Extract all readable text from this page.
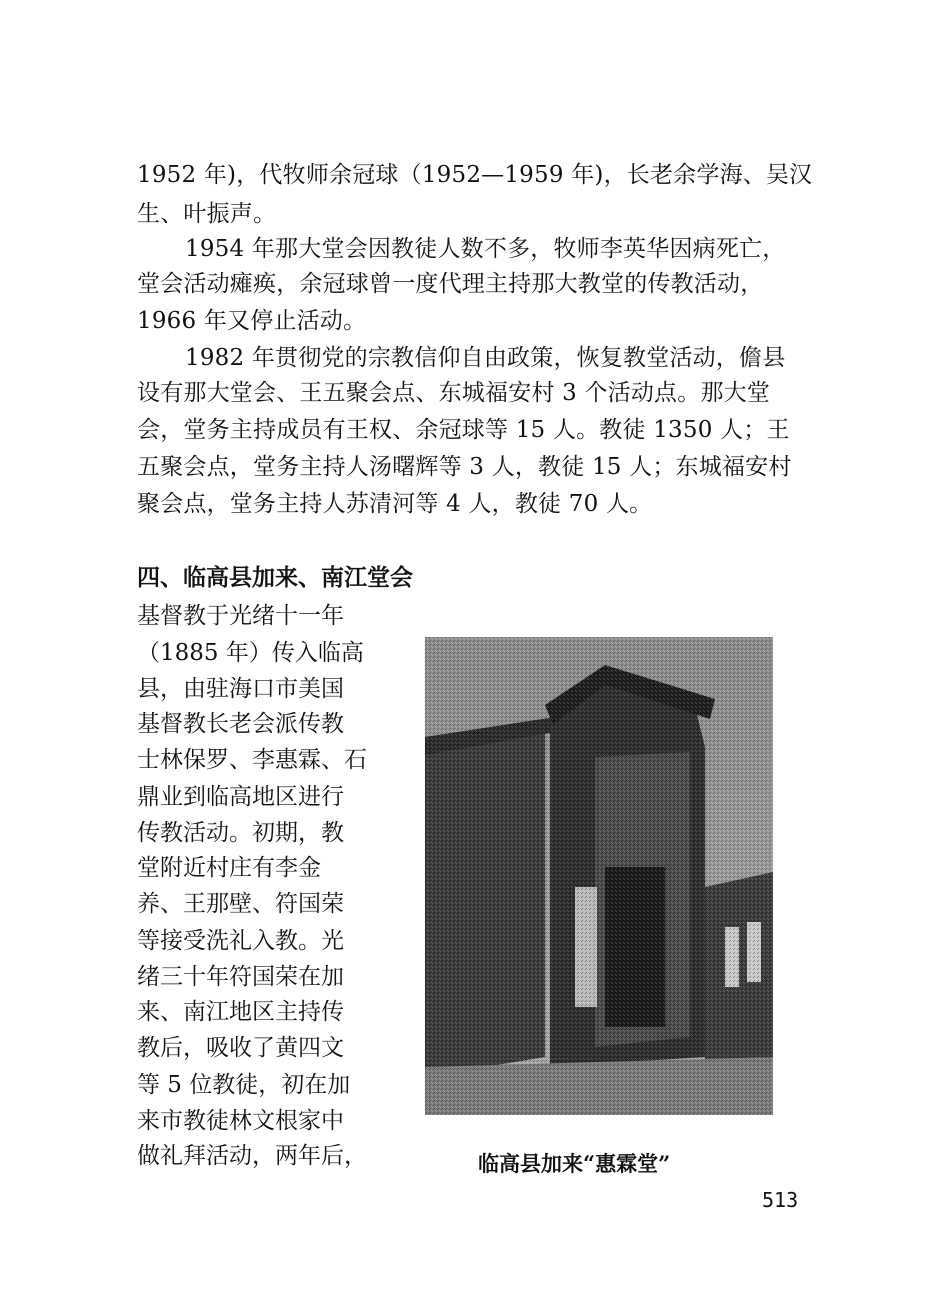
1952 年)，代牧师余冠球（1952—1959 年)，长老余学海、吴汉
生、叶振声。
1954 年那大堂会因教徒人数不多，牧师李英华因病死亡，
堂会活动瘫痪，余冠球曾一度代理主持那大教堂的传教活动，
1966 年又停止活动。
1982 年贯彻党的宗教信仰自由政策，恢复教堂活动，儋县
设有那大堂会、王五聚会点、东城福安村 3 个活动点。那大堂
会，堂务主持成员有王权、余冠球等 15 人。教徒 1350 人；王
五聚会点，堂务主持人汤曙辉等 3 人，教徒 15 人；东城福安村
聚会点，堂务主持人苏清河等 4 人，教徒 70 人。
四、临高县加来、南江堂会
基督教于光绪十一年
（1885 年）传入临高
县，由驻海口市美国
基督教长老会派传教
士林保罗、李惠霖、石
鼎业到临高地区进行
传教活动。初期，教
堂附近村庄有李金
养、王那壁、符国荣
等接受洗礼入教。光
绪三十年符国荣在加
来、南江地区主持传
教后，吸收了黄四文
等 5 位教徒，初在加
来市教徒林文根家中
做礼拜活动，两年后，	临高县加来“惠霖堂”
513
